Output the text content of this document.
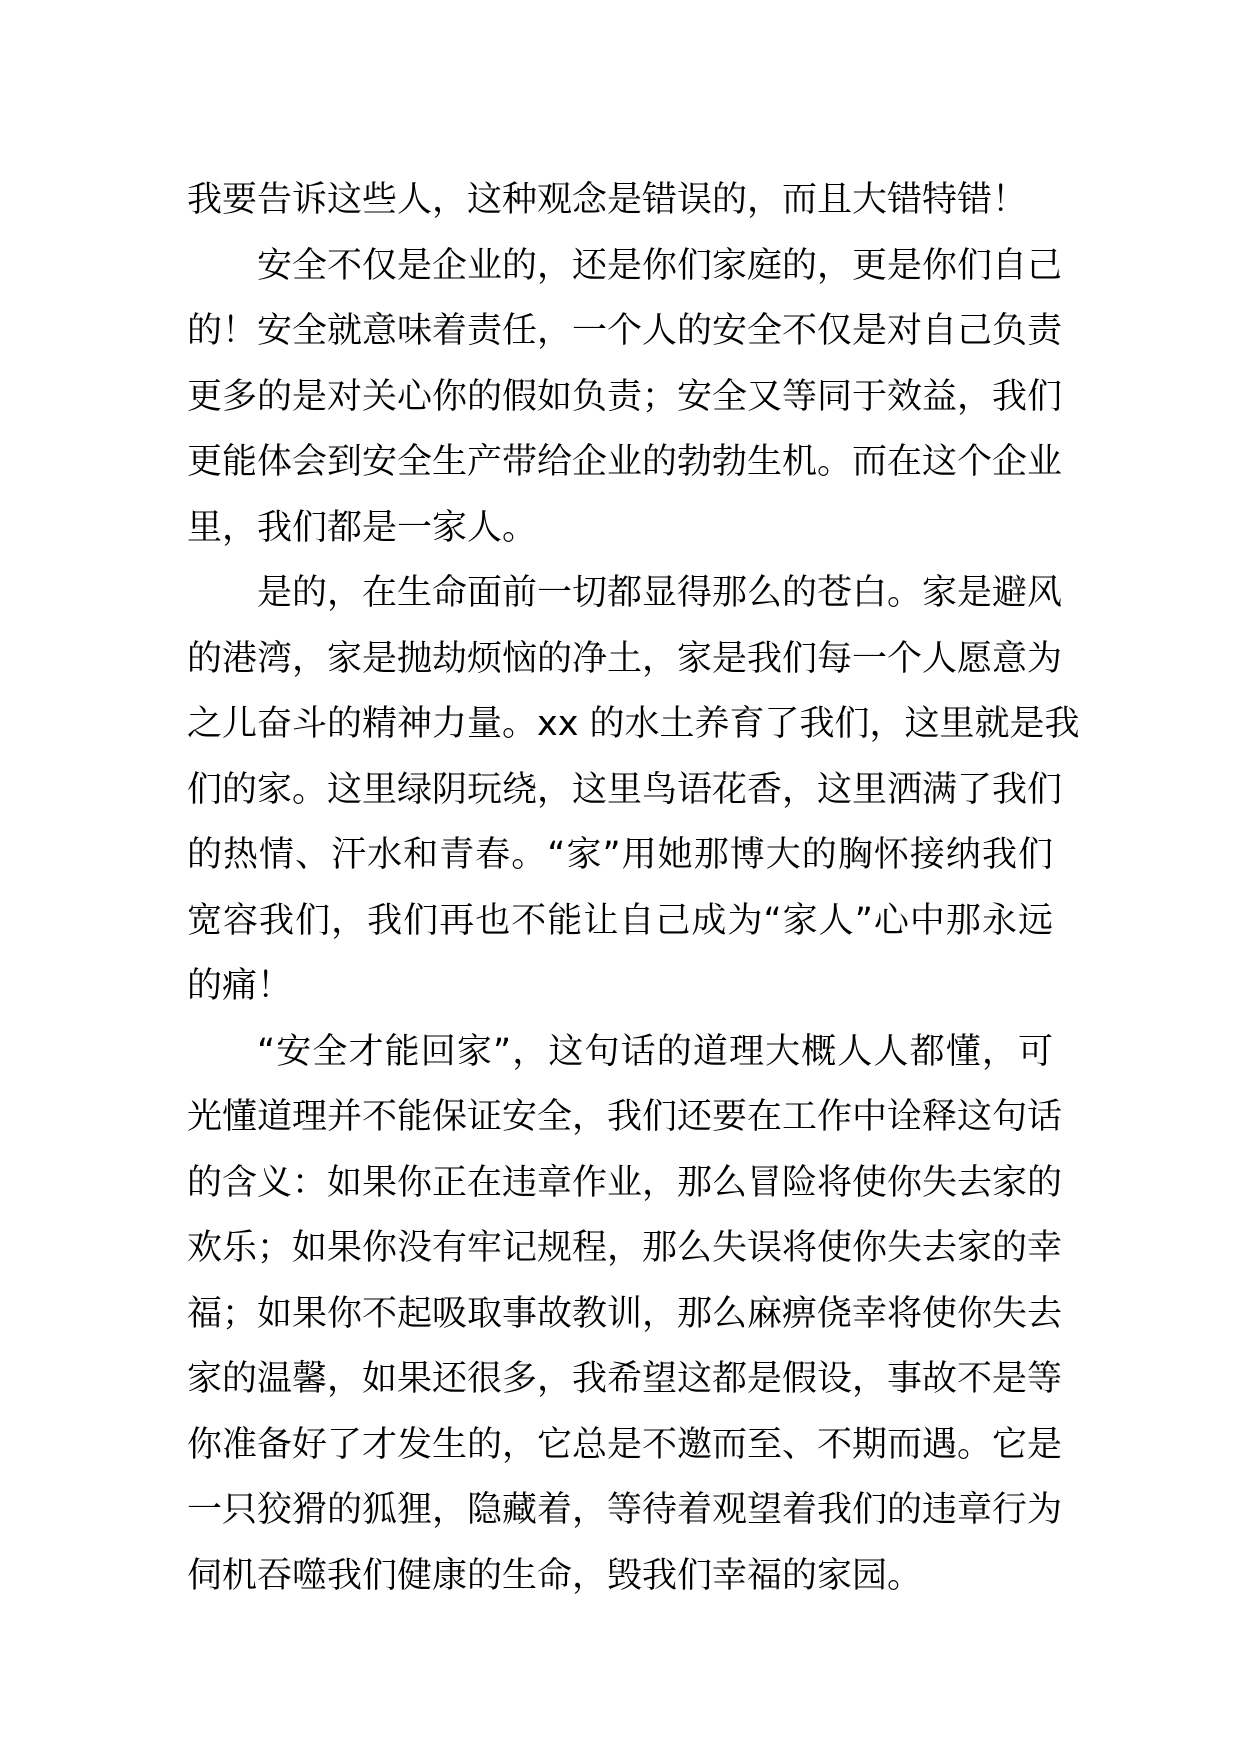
我要告诉这些人，这种观念是错误的，而且大错特错！
安全不仅是企业的，还是你们家庭的，更是你们自己
的！安全就意味着责任，一个人的安全不仅是对自己负责
更多的是对关心你的假如负责；安全又等同于效益，我们
更能体会到安全生产带给企业的勃勃生机。而在这个企业
里，我们都是一家人。
是的，在生命面前一切都显得那么的苍白。家是避风
的港湾，家是抛劫烦恼的净土，家是我们每一个人愿意为
之儿奋斗的精神力量。xx 的水土养育了我们，这里就是我
们的家。这里绿阴玩绕，这里鸟语花香，这里洒满了我们
的热情、汗水和青春。“家”用她那博大的胸怀接纳我们
宽容我们，我们再也不能让自己成为“家人”心中那永远
的痛！
“安全才能回家”，这句话的道理大概人人都懂，可
光懂道理并不能保证安全，我们还要在工作中诠释这句话
的含义：如果你正在违章作业，那么冒险将使你失去家的
欢乐；如果你没有牢记规程，那么失误将使你失去家的幸
福；如果你不起吸取事故教训，那么麻痹侥幸将使你失去
家的温馨，如果还很多，我希望这都是假设，事故不是等
你准备好了才发生的，它总是不邀而至、不期而遇。它是
一只狡猾的狐狸，隐藏着，等待着观望着我们的违章行为
伺机吞噬我们健康的生命，毁我们幸福的家园。
